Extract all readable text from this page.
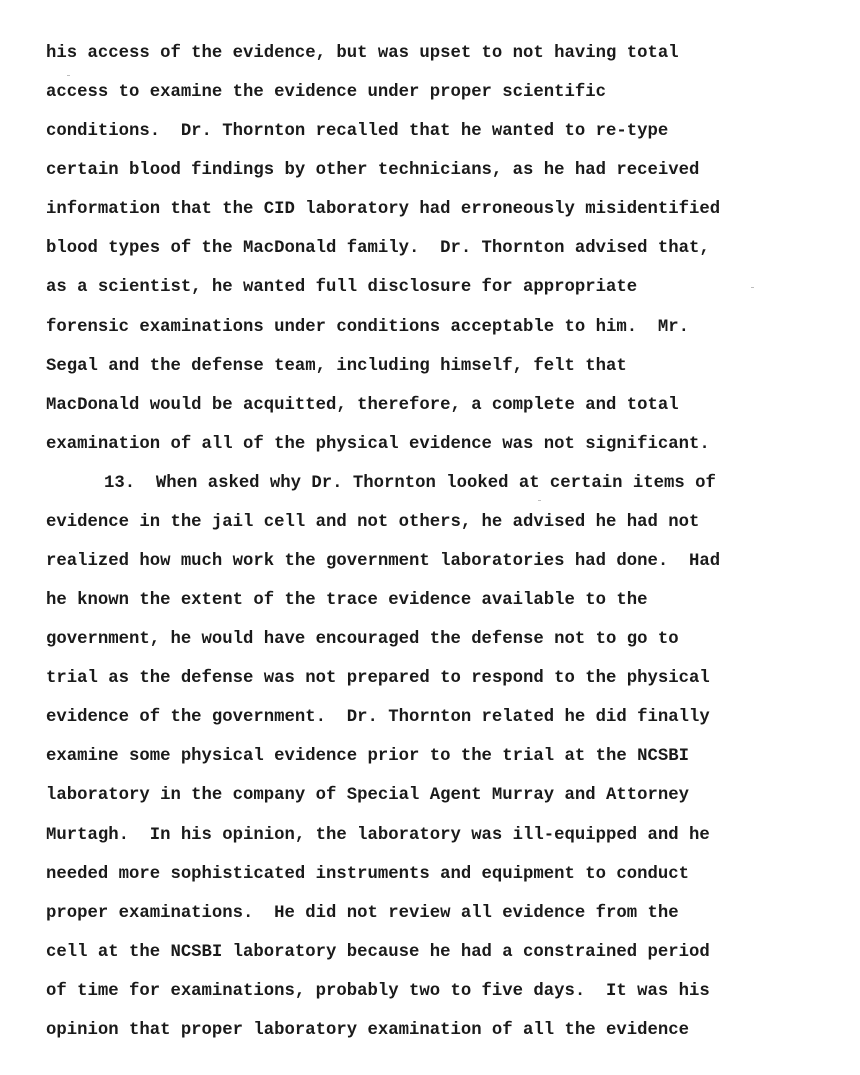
his access of the evidence, but was upset to not having total
access to examine the evidence under proper scientific
conditions.  Dr. Thornton recalled that he wanted to re-type
certain blood findings by other technicians, as he had received
information that the CID laboratory had erroneously misidentified
blood types of the MacDonald family.  Dr. Thornton advised that,
as a scientist, he wanted full disclosure for appropriate
forensic examinations under conditions acceptable to him.  Mr.
Segal and the defense team, including himself, felt that
MacDonald would be acquitted, therefore, a complete and total
examination of all of the physical evidence was not significant.
13.  When asked why Dr. Thornton looked at certain items of
evidence in the jail cell and not others, he advised he had not
realized how much work the government laboratories had done.  Had
he known the extent of the trace evidence available to the
government, he would have encouraged the defense not to go to
trial as the defense was not prepared to respond to the physical
evidence of the government.  Dr. Thornton related he did finally
examine some physical evidence prior to the trial at the NCSBI
laboratory in the company of Special Agent Murray and Attorney
Murtagh.  In his opinion, the laboratory was ill-equipped and he
needed more sophisticated instruments and equipment to conduct
proper examinations.  He did not review all evidence from the
cell at the NCSBI laboratory because he had a constrained period
of time for examinations, probably two to five days.  It was his
opinion that proper laboratory examination of all the evidence
